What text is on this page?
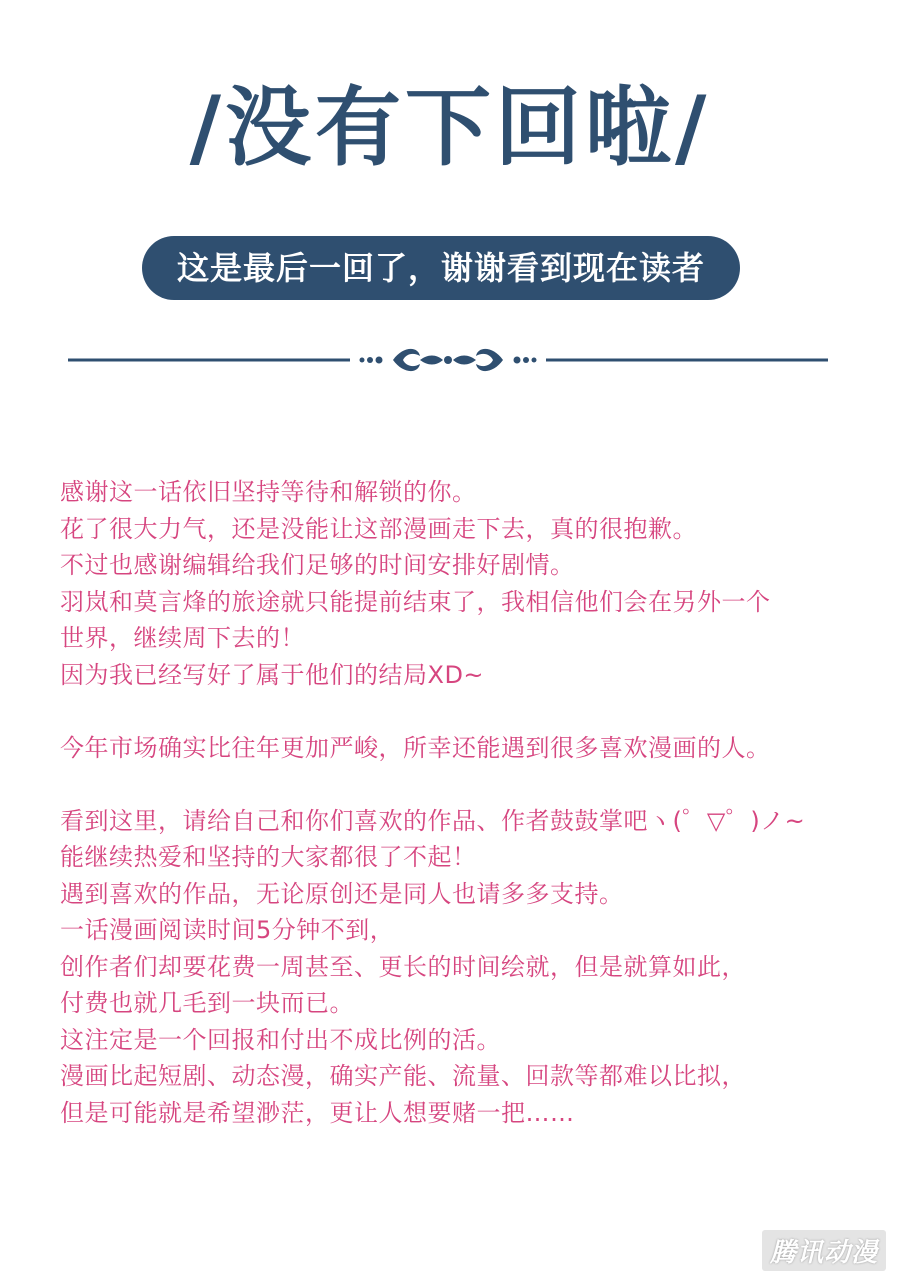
/没有下回啦/
这是最后一回了，谢谢看到现在读者

感谢这一话依旧坚持等待和解锁的你。

花了很大力气，还是没能让这部漫画走下去，真的很抱歉。

不过也感谢编辑给我们足够的时间安排好剧情。

羽岚和莫言烽的旅途就只能提前结束了，我相信他们会在另外一个

世界，继续周下去的！

因为我已经写好了属于他们的结局XD~

今年市场确实比往年更加严峻，所幸还能遇到很多喜欢漫画的人。

看到这里，请给自己和你们喜欢的作品、作者鼓鼓掌吧ヽ(゜▽゜)ノ~

能继续热爱和坚持的大家都很了不起！

遇到喜欢的作品，无论原创还是同人也请多多支持。

一话漫画阅读时间5分钟不到，

创作者们却要花费一周甚至、更长的时间绘就，但是就算如此，

付费也就几毛到一块而已。

这注定是一个回报和付出不成比例的活。

漫画比起短剧、动态漫，确实产能、流量、回款等都难以比拟，

但是可能就是希望渺茫，更让人想要赌一把……

腾讯动漫
